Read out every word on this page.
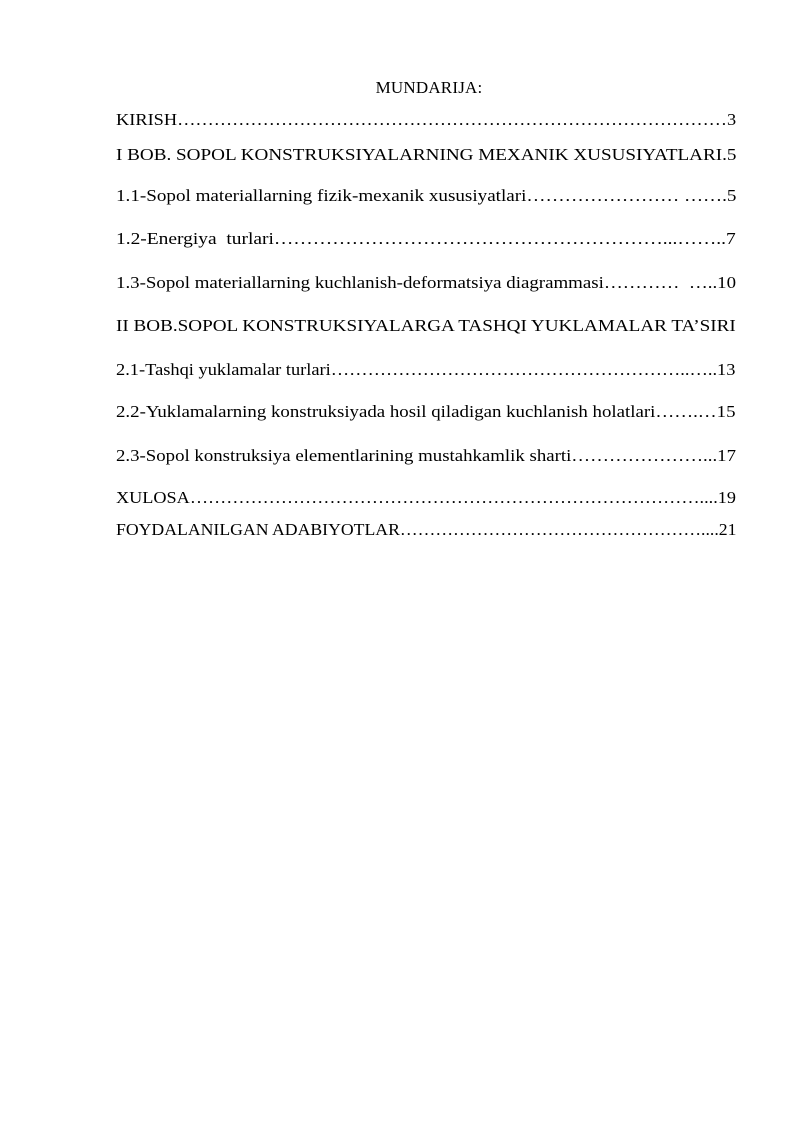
MUNDARIJA:
KIRISH………………………………………………………………………………3
I BOB. SOPOL KONSTRUKSIYALARNING MEXANIK XUSUSIYATLARI.5
1.1-Sopol materiallarning fizik-mexanik xususiyatlari…………………… …….5
1.2-Energiya  turlari……………………………………………………...……..7
1.3-Sopol materiallarning kuchlanish-deformatsiya diagrammasi…………  …..10
II BOB.SOPOL KONSTRUKSIYALARGA TASHQI YUKLAMALAR TA’SIRI
2.1-Tashqi yuklamalar turlari…………………………………………………..…..13
2.2-Yuklamalarning konstruksiyada hosil qiladigan kuchlanish holatlari…….…15
2.3-Sopol konstruksiya elementlarining mustahkamlik sharti…………………...17
XULOSA…………………………………………………………………………....19
FOYDALANILGAN ADABIYOTLAR……………………………………………....21
